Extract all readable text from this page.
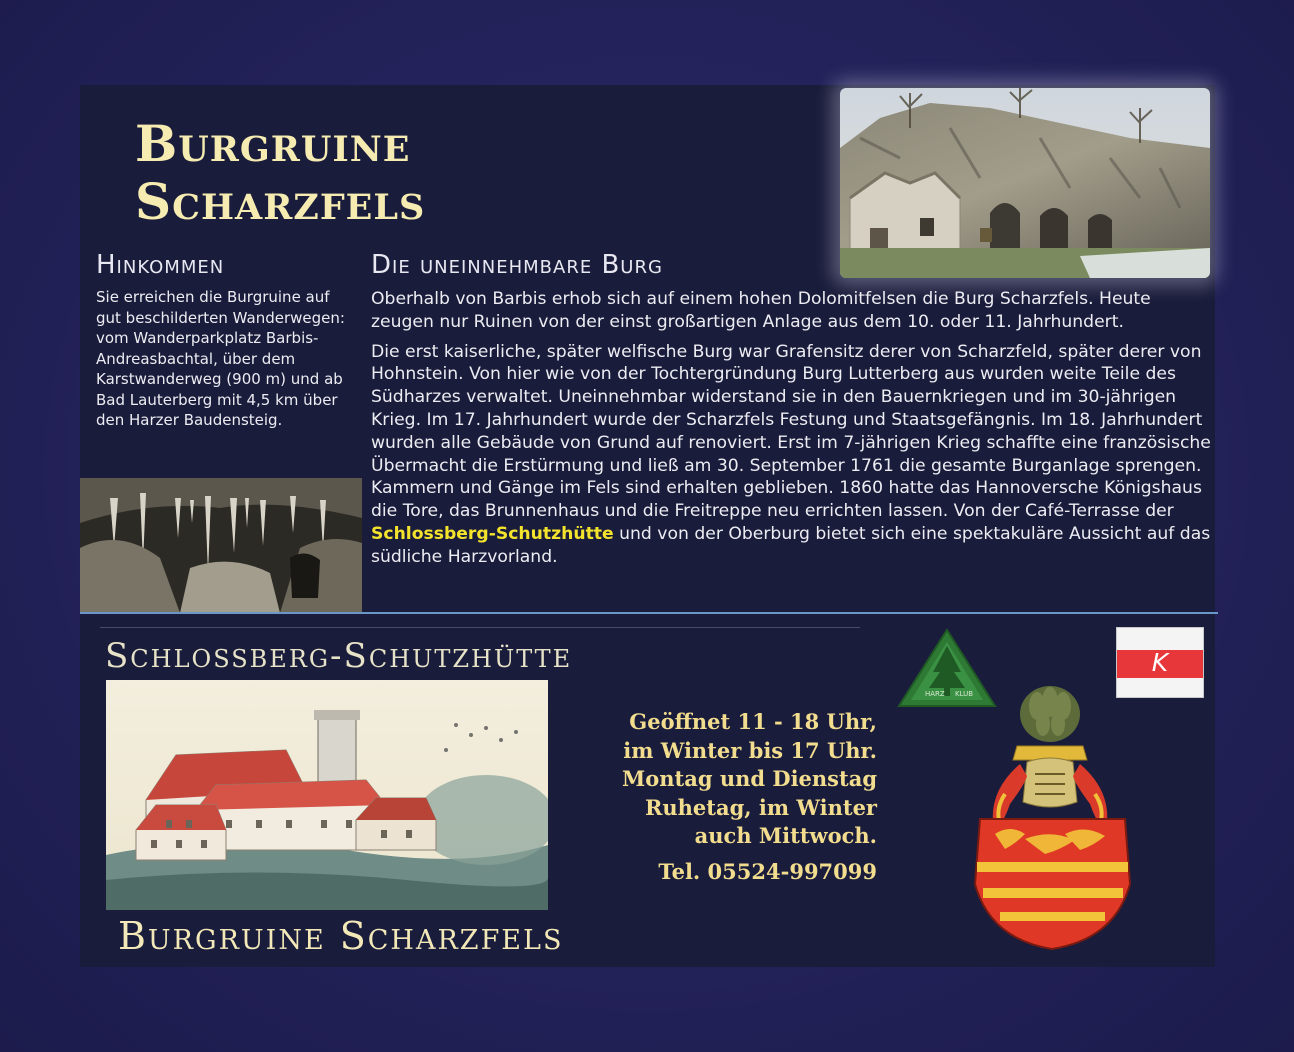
Burgruine
Scharzfels
Hinkommen	Die uneinnehmbare Burg
Sie erreichen die Burgruine auf gut beschilderten Wanderwegen: vom Wanderparkplatz Barbis-Andreasbachtal, über dem Karstwanderweg (900 m) und ab Bad Lauterberg mit 4,5 km über den Harzer Baudensteig.

Oberhalb von Barbis erhob sich auf einem hohen Dolomitfelsen die Burg Scharzfels. Heute zeugen nur Ruinen von der einst großartigen Anlage aus dem 10. oder 11. Jahrhundert.

Die erst kaiserliche, später welfische Burg war Grafensitz derer von Scharzfeld, später derer von Hohnstein. Von hier wie von der Tochtergründung Burg Lutterberg aus wurden weite Teile des Südharzes verwaltet. Uneinnehmbar widerstand sie in den Bauernkriegen und im 30-jährigen Krieg. Im 17. Jahrhundert wurde der Scharzfels Festung und Staatsgefängnis. Im 18. Jahrhundert wurden alle Gebäude von Grund auf renoviert. Erst im 7-jährigen Krieg schaffte eine französische Übermacht die Erstürmung und ließ am 30. September 1761 die gesamte Burganlage sprengen. Kammern und Gänge im Fels sind erhalten geblieben. 1860 hatte das Hannoversche Königshaus die Tore, das Brunnenhaus und die Freitreppe neu errichten lassen. Von der Café-Terrasse der Schlossberg-Schutzhütte und von der Oberburg bietet sich eine spektakuläre Aussicht auf das südliche Harzvorland.

Schlossberg-Schutzhütte
Geöffnet 11 - 18 Uhr,
im Winter bis 17 Uhr.
Montag und Dienstag
Ruhetag, im Winter
auch Mittwoch.
Tel. 05524-997099
Burgruine Scharzfels
HARZ KLUB
K
